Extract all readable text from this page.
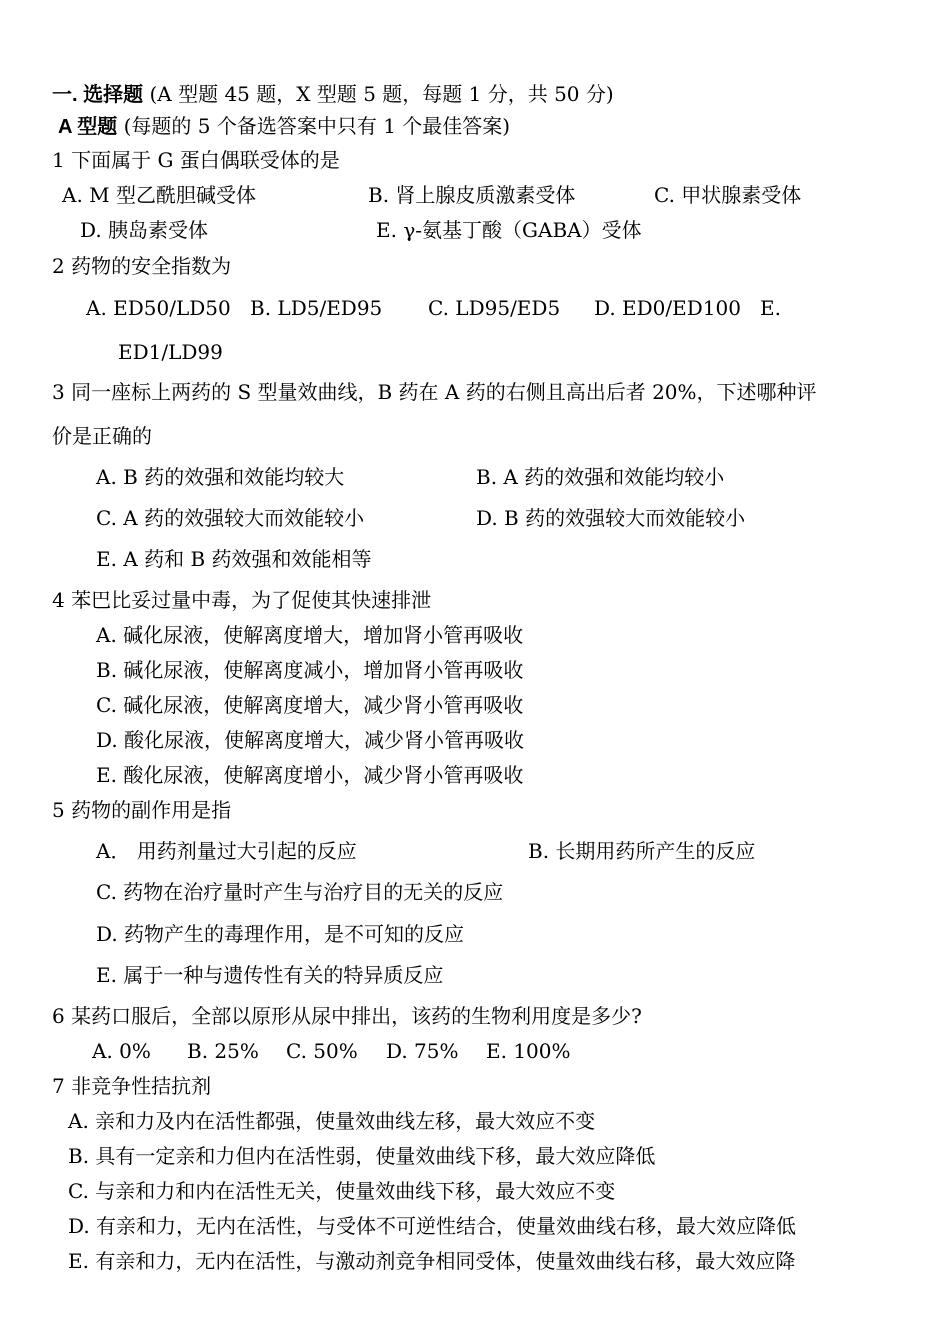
一. 选择题 (A 型题 45 题，X 型题 5 题，每题 1 分，共 50 分)
A 型题 (每题的 5 个备选答案中只有 1 个最佳答案)
1 下面属于 G 蛋白偶联受体的是
A. M 型乙酰胆碱受体	B. 肾上腺皮质激素受体	C. 甲状腺素受体
D. 胰岛素受体	E. γ-氨基丁酸（GABA）受体
2 药物的安全指数为
A. ED50/LD50 B. LD5/ED95 C. LD95/ED5 D. ED0/ED100 E.
ED1/LD99
3 同一座标上两药的 S 型量效曲线，B 药在 A 药的右侧且高出后者 20%，下述哪种评
价是正确的
A. B 药的效强和效能均较大	B. A 药的效强和效能均较小
C. A 药的效强较大而效能较小	D. B 药的效强较大而效能较小
E. A 药和 B 药效强和效能相等
4 苯巴比妥过量中毒，为了促使其快速排泄
A. 碱化尿液，使解离度增大，增加肾小管再吸收
B. 碱化尿液，使解离度减小，增加肾小管再吸收
C. 碱化尿液，使解离度增大，减少肾小管再吸收
D. 酸化尿液，使解离度增大，减少肾小管再吸收
E. 酸化尿液，使解离度增小，减少肾小管再吸收
5 药物的副作用是指
A． 用药剂量过大引起的反应	B. 长期用药所产生的反应
C. 药物在治疗量时产生与治疗目的无关的反应
D. 药物产生的毒理作用，是不可知的反应
E. 属于一种与遗传性有关的特异质反应
6 某药口服后，全部以原形从尿中排出，该药的生物利用度是多少?
A. 0% B. 25% C. 50% D. 75% E. 100%
7 非竞争性拮抗剂
A. 亲和力及内在活性都强，使量效曲线左移，最大效应不变
B. 具有一定亲和力但内在活性弱，使量效曲线下移，最大效应降低
C. 与亲和力和内在活性无关，使量效曲线下移，最大效应不变
D. 有亲和力，无内在活性，与受体不可逆性结合，使量效曲线右移，最大效应降低
E. 有亲和力，无内在活性，与激动剂竞争相同受体，使量效曲线右移，最大效应降
